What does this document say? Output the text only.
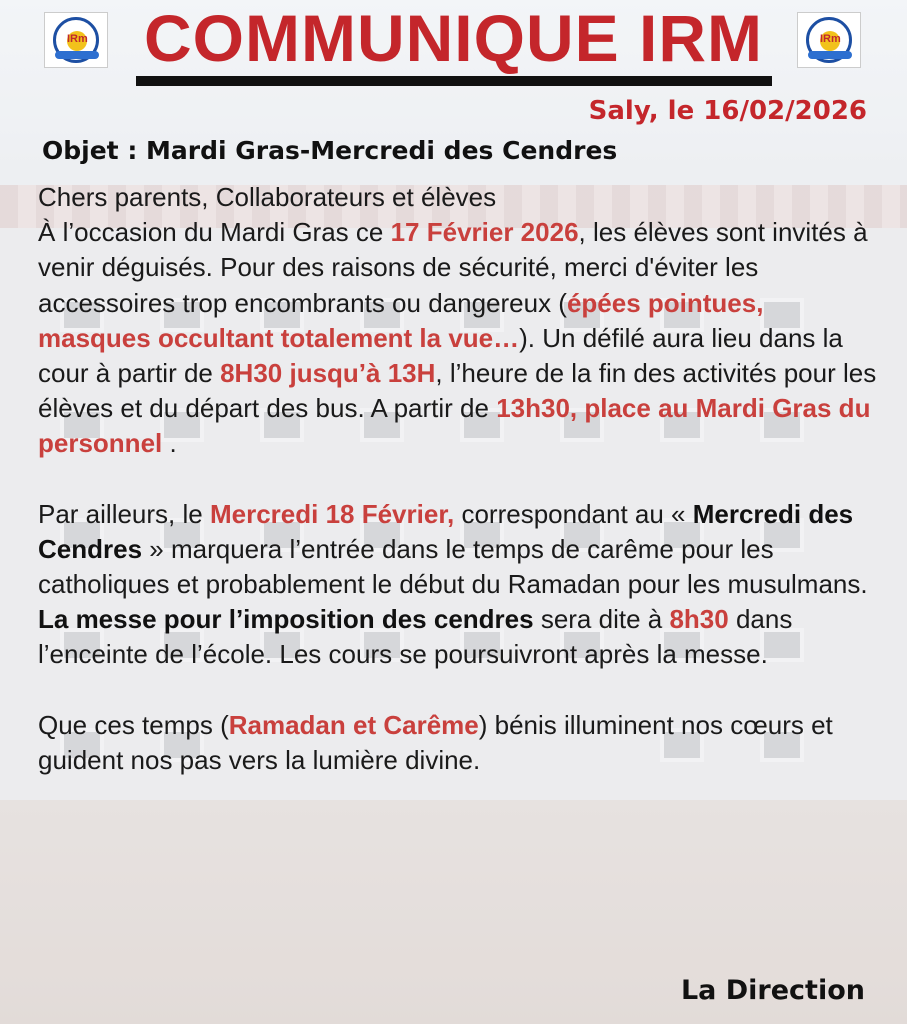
IRm COMMUNIQUE IRM	IRm
Saly, le 16/02/2026
Objet : Mardi Gras-Mercredi des Cendres

Chers parents, Collaborateurs et élèves

À l’occasion du Mardi Gras ce 17 Février 2026, les élèves sont invités à venir déguisés. Pour des raisons de sécurité, merci d'éviter les accessoires trop encombrants ou dangereux (épées pointues, masques occultant totalement la vue…). Un défilé aura lieu dans la cour à partir de 8H30 jusqu’à 13H, l’heure de la fin des activités pour les élèves et du départ des bus. A partir de 13h30, place au Mardi Gras du personnel .

Par ailleurs, le Mercredi 18 Février, correspondant au « Mercredi des Cendres » marquera l’entrée dans le temps de carême pour les catholiques et probablement le début du Ramadan pour les musulmans. La messe pour l’imposition des cendres sera dite à 8h30 dans l’enceinte de l’école. Les cours se poursuivront après la messe.

Que ces temps (Ramadan et Carême) bénis illuminent nos cœurs et guident nos pas vers la lumière divine.

La Direction
